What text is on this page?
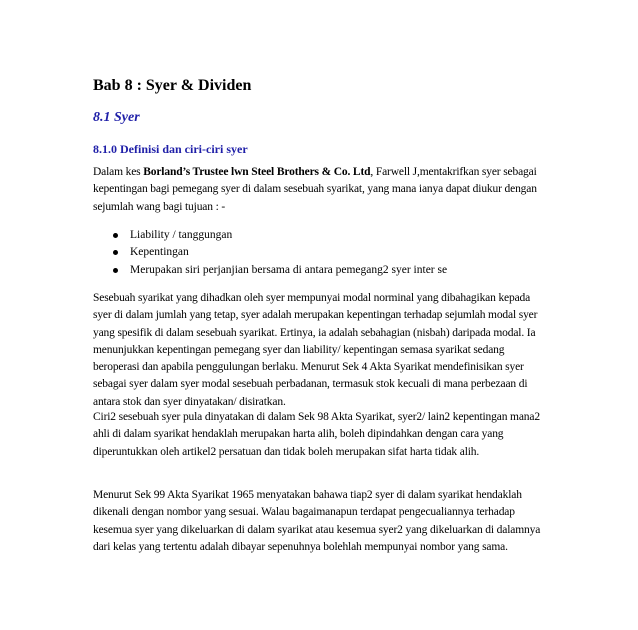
Bab 8 : Syer & Dividen
8.1 Syer
8.1.0 Definisi dan ciri-ciri syer

Dalam kes Borland’s Trustee lwn Steel Brothers & Co. Ltd, Farwell J,mentakrifkan syer sebagai kepentingan bagi pemegang syer di dalam sesebuah syarikat, yang mana ianya dapat diukur dengan sejumlah wang bagi tujuan : -

Liability / tanggungan
Kepentingan
Merupakan siri perjanjian bersama di antara pemegang2 syer inter se

Sesebuah syarikat yang dihadkan oleh syer mempunyai modal norminal yang dibahagikan kepada syer di dalam jumlah yang tetap, syer adalah merupakan kepentingan terhadap sejumlah modal syer yang spesifik di dalam sesebuah syarikat. Ertinya, ia adalah sebahagian (nisbah) daripada modal. Ia menunjukkan kepentingan pemegang syer dan liability/ kepentingan semasa syarikat sedang beroperasi dan apabila penggulungan berlaku. Menurut Sek 4 Akta Syarikat mendefinisikan syer sebagai syer dalam syer modal sesebuah perbadanan, termasuk stok kecuali di mana perbezaan di antara stok dan syer dinyatakan/ disiratkan.

Ciri2 sesebuah syer pula dinyatakan di dalam Sek 98 Akta Syarikat, syer2/ lain2 kepentingan mana2 ahli di dalam syarikat hendaklah merupakan harta alih, boleh dipindahkan dengan cara yang diperuntukkan oleh artikel2 persatuan dan tidak boleh merupakan sifat harta tidak alih.

Menurut Sek 99 Akta Syarikat 1965 menyatakan bahawa tiap2 syer di dalam syarikat hendaklah dikenali dengan nombor yang sesuai. Walau bagaimanapun terdapat pengecualiannya terhadap kesemua syer yang dikeluarkan di dalam syarikat atau kesemua syer2 yang dikeluarkan di dalamnya dari kelas yang tertentu adalah dibayar sepenuhnya bolehlah mempunyai nombor yang sama.
